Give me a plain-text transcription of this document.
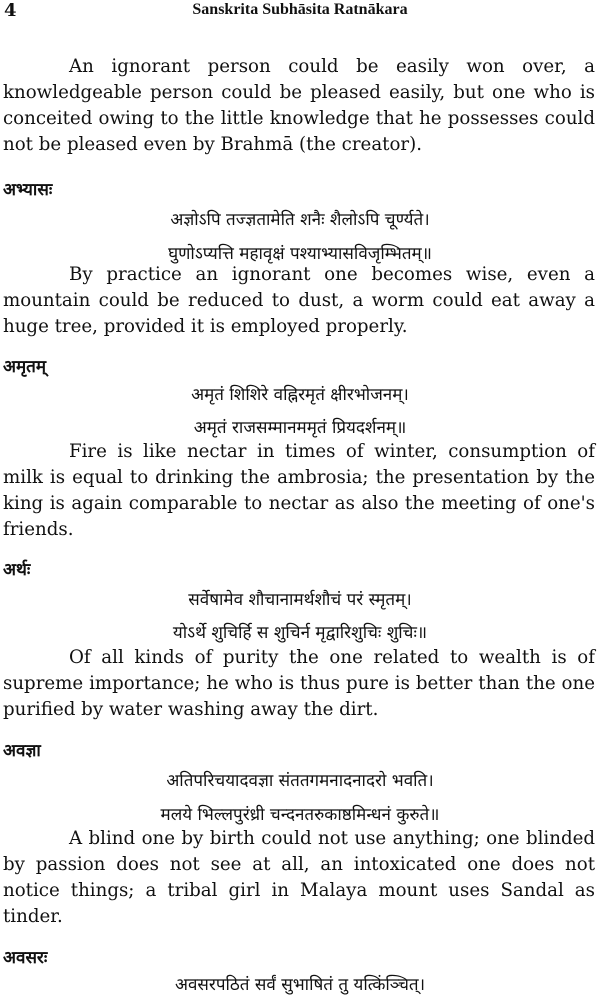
4	Sanskrita Subhāsita Ratnākara
An ignorant person could be easily won over, a knowledgeable person could be pleased easily, but one who is conceited owing to the little knowledge that he possesses could not be pleased even by Brahmā (the creator).
अभ्यासः
अज्ञोऽपि तज्ज्ञतामेति शनैः शैलोऽपि चूर्ण्यते।
घुणोऽप्यत्ति महावृक्षं पश्याभ्यासविजृम्भितम्॥
By practice an ignorant one becomes wise, even a mountain could be reduced to dust, a worm could eat away a huge tree, provided it is employed properly.
अमृतम्
अमृतं शिशिरे वह्निरमृतं क्षीरभोजनम्।
अमृतं राजसम्मानममृतं प्रियदर्शनम्॥
Fire is like nectar in times of winter, consumption of milk is equal to drinking the ambrosia; the presentation by the king is again comparable to nectar as also the meeting of one's friends.
अर्थः
सर्वेषामेव शौचानामर्थशौचं परं स्मृतम्।
योऽर्थे शुचिर्हि स शुचिर्न मृद्वारिशुचिः शुचिः॥
Of all kinds of purity the one related to wealth is of supreme importance; he who is thus pure is better than the one purified by water washing away the dirt.
अवज्ञा
अतिपरिचयादवज्ञा संततगमनादनादरो भवति।
मलये भिल्लपुरंध्री चन्दनतरुकाष्ठमिन्धनं कुरुते॥
A blind one by birth could not use anything; one blinded by passion does not see at all, an intoxicated one does not notice things; a tribal girl in Malaya mount uses Sandal as tinder.
अवसरः
अवसरपठितं सर्वं सुभाषितं तु यत्किंञ्चित्।
